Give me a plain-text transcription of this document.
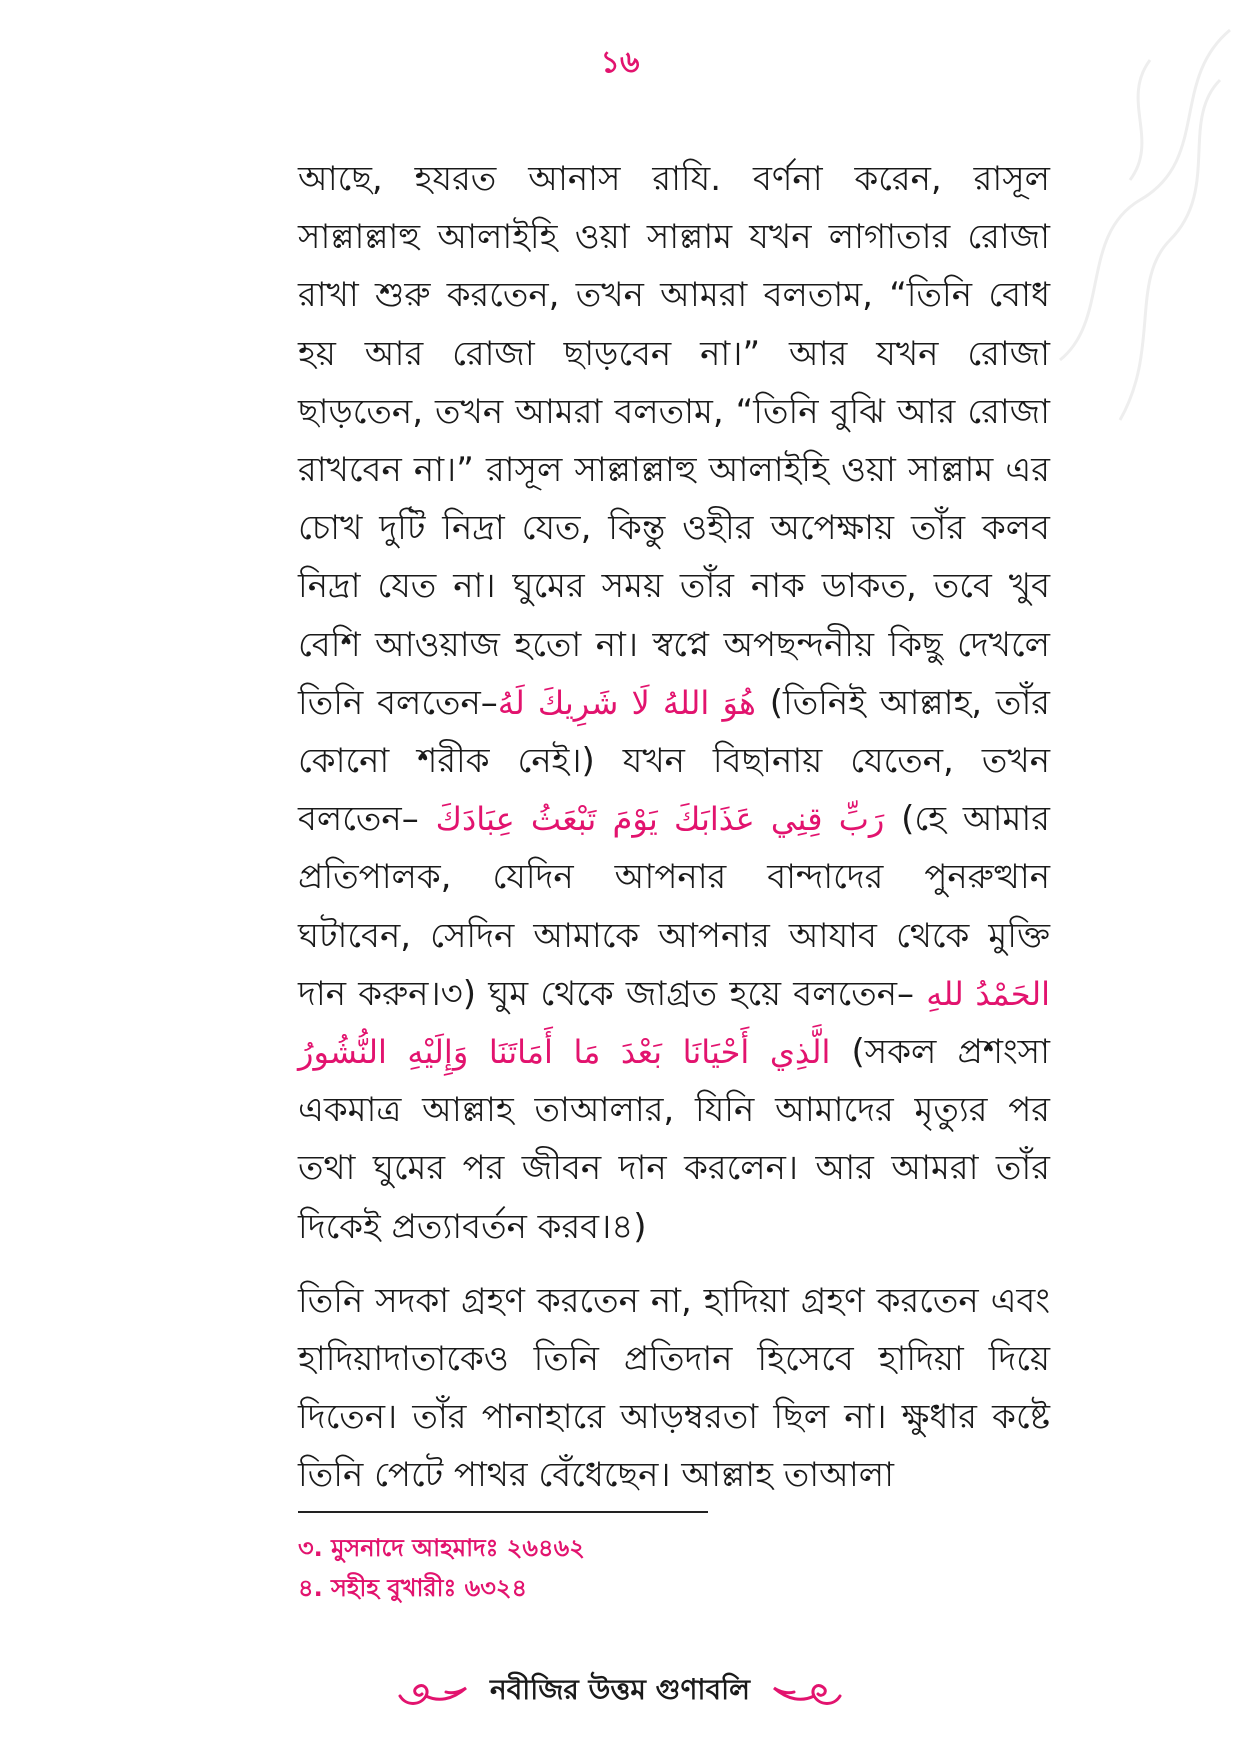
১৬

আছে, হযরত আনাস রাযি. বর্ণনা করেন, রাসূল সাল্লাল্লাহু আলাইহি ওয়া সাল্লাম যখন লাগাতার রোজা রাখা শুরু করতেন, তখন আমরা বলতাম, “তিনি বোধ হয় আর রোজা ছাড়বেন না।” আর যখন রোজা ছাড়তেন, তখন আমরা বলতাম, “তিনি বুঝি আর রোজা রাখবেন না।” রাসূল সাল্লাল্লাহু আলাইহি ওয়া সাল্লাম এর চোখ দুটি নিদ্রা যেত, কিন্তু ওহীর অপেক্ষায় তাঁর কলব নিদ্রা যেত না। ঘুমের সময় তাঁর নাক ডাকত, তবে খুব বেশি আওয়াজ হতো না। স্বপ্নে অপছন্দনীয় কিছু দেখলে তিনি বলতেন–هُوَ اللهُ لَا شَرِيكَ لَهُ (তিনিই আল্লাহ, তাঁর কোনো শরীক নেই।) যখন বিছানায় যেতেন, তখন বলতেন– رَبِّ قِنِي عَذَابَكَ يَوْمَ تَبْعَثُ عِبَادَكَ (হে আমার প্রতিপালক, যেদিন আপনার বান্দাদের পুনরুত্থান ঘটাবেন, সেদিন আমাকে আপনার আযাব থেকে মুক্তি দান করুন।৩) ঘুম থেকে জাগ্রত হয়ে বলতেন– الحَمْدُ للهِ الَّذِي أَحْيَانَا بَعْدَ مَا أَمَاتَنَا وَإِلَيْهِ النُّشُورُ (সকল প্রশংসা একমাত্র আল্লাহ তাআলার, যিনি আমাদের মৃত্যুর পর তথা ঘুমের পর জীবন দান করলেন। আর আমরা তাঁর দিকেই প্রত্যাবর্তন করব।৪)

তিনি সদকা গ্রহণ করতেন না, হাদিয়া গ্রহণ করতেন এবং হাদিয়াদাতাকেও তিনি প্রতিদান হিসেবে হাদিয়া দিয়ে দিতেন। তাঁর পানাহারে আড়ম্বরতা ছিল না। ক্ষুধার কষ্টে তিনি পেটে পাথর বেঁধেছেন। আল্লাহ তাআলা

৩. মুসনাদে আহমাদঃ ২৬৪৬২
৪. সহীহ বুখারীঃ ৬৩২৪
নবীজির উত্তম গুণাবলি
